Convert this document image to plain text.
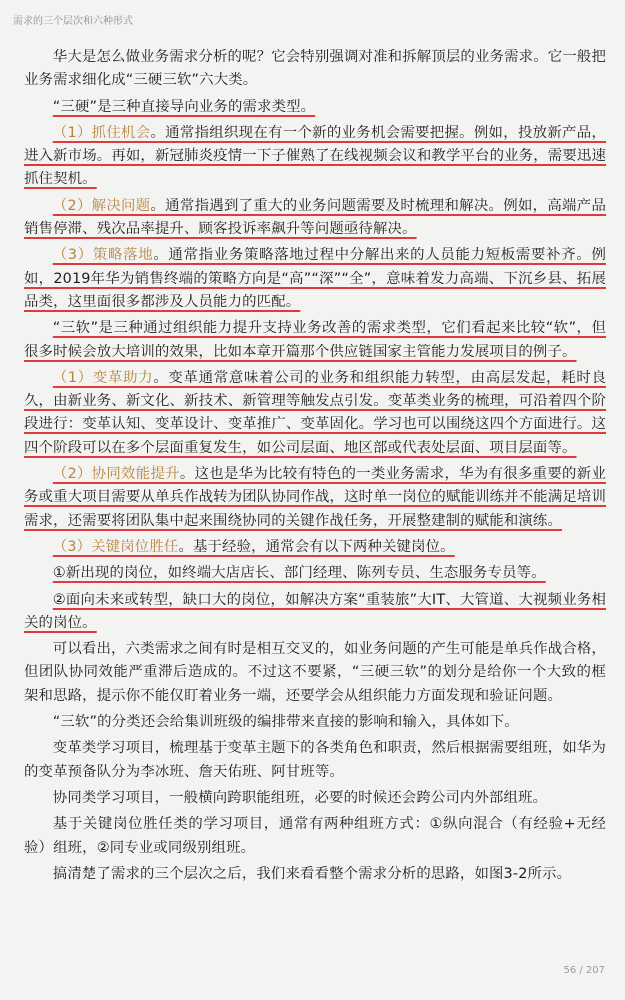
需求的三个层次和六种形式

华大是怎么做业务需求分析的呢？它会特别强调对准和拆解顶层的业务需求。它一般把业务需求细化成“三硬三软”六大类。

“三硬”是三种直接导向业务的需求类型。

（1）抓住机会。通常指组织现在有一个新的业务机会需要把握。例如，投放新产品，进入新市场。再如，新冠肺炎疫情一下子催熟了在线视频会议和教学平台的业务，需要迅速抓住契机。

（2）解决问题。通常指遇到了重大的业务问题需要及时梳理和解决。例如，高端产品销售停滞、残次品率提升、顾客投诉率飙升等问题亟待解决。

（3）策略落地。通常指业务策略落地过程中分解出来的人员能力短板需要补齐。例如，2019年华为销售终端的策略方向是“高”“深”“全”，意味着发力高端、下沉乡县、拓展品类，这里面很多都涉及人员能力的匹配。

“三软”是三种通过组织能力提升支持业务改善的需求类型，它们看起来比较“软”，但很多时候会放大培训的效果，比如本章开篇那个供应链国家主管能力发展项目的例子。

（1）变革助力。变革通常意味着公司的业务和组织能力转型，由高层发起，耗时良久，由新业务、新文化、新技术、新管理等触发点引发。变革类业务的梳理，可沿着四个阶段进行：变革认知、变革设计、变革推广、变革固化。学习也可以围绕这四个方面进行。这四个阶段可以在多个层面重复发生，如公司层面、地区部或代表处层面、项目层面等。

（2）协同效能提升。这也是华为比较有特色的一类业务需求，华为有很多重要的新业务或重大项目需要从单兵作战转为团队协同作战，这时单一岗位的赋能训练并不能满足培训需求，还需要将团队集中起来围绕协同的关键作战任务，开展整建制的赋能和演练。

（3）关键岗位胜任。基于经验，通常会有以下两种关键岗位。

①新出现的岗位，如终端大店店长、部门经理、陈列专员、生态服务专员等。

②面向未来或转型，缺口大的岗位，如解决方案“重装旅”大IT、大管道、大视频业务相关的岗位。

可以看出，六类需求之间有时是相互交叉的，如业务问题的产生可能是单兵作战合格，但团队协同效能严重滞后造成的。不过这不要紧，“三硬三软”的划分是给你一个大致的框架和思路，提示你不能仅盯着业务一端，还要学会从组织能力方面发现和验证问题。

“三软”的分类还会给集训班级的编排带来直接的影响和输入，具体如下。

变革类学习项目，梳理基于变革主题下的各类角色和职责，然后根据需要组班，如华为的变革预备队分为李冰班、詹天佑班、阿甘班等。

协同类学习项目，一般横向跨职能组班，必要的时候还会跨公司内外部组班。

基于关键岗位胜任类的学习项目，通常有两种组班方式：①纵向混合（有经验+无经验）组班，②同专业或同级别组班。

搞清楚了需求的三个层次之后，我们来看看整个需求分析的思路，如图3-2所示。

56 / 207
